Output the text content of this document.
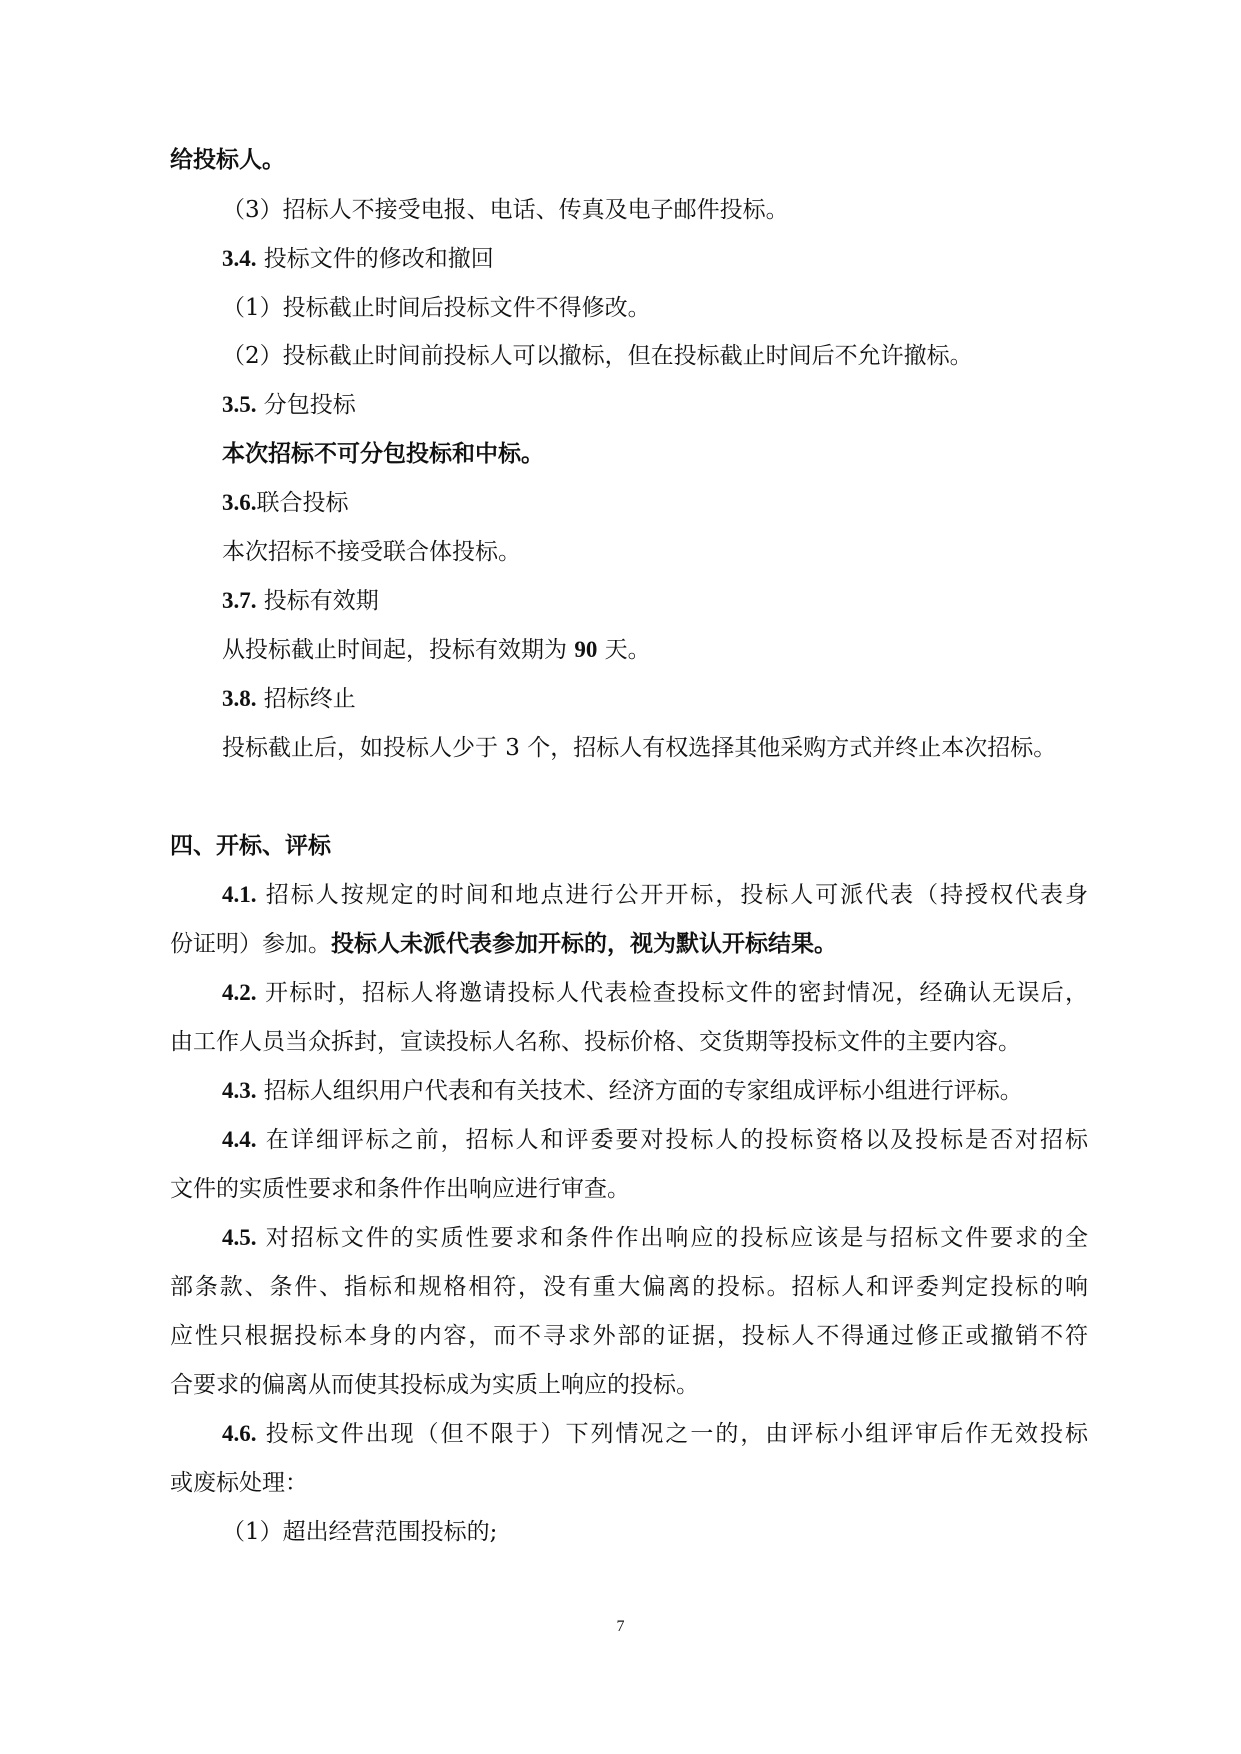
给投标人。
（3）招标人不接受电报、电话、传真及电子邮件投标。
3.4. 投标文件的修改和撤回
（1）投标截止时间后投标文件不得修改。
（2）投标截止时间前投标人可以撤标，但在投标截止时间后不允许撤标。
3.5. 分包投标
本次招标不可分包投标和中标。
3.6.联合投标
本次招标不接受联合体投标。
3.7. 投标有效期
从投标截止时间起，投标有效期为 90 天。
3.8. 招标终止
投标截止后，如投标人少于 3 个，招标人有权选择其他采购方式并终止本次招标。
四、开标、评标
4.1. 招标人按规定的时间和地点进行公开开标，投标人可派代表（持授权代表身
份证明）参加。投标人未派代表参加开标的，视为默认开标结果。
4.2. 开标时，招标人将邀请投标人代表检查投标文件的密封情况，经确认无误后，
由工作人员当众拆封，宣读投标人名称、投标价格、交货期等投标文件的主要内容。
4.3. 招标人组织用户代表和有关技术、经济方面的专家组成评标小组进行评标。
4.4. 在详细评标之前，招标人和评委要对投标人的投标资格以及投标是否对招标
文件的实质性要求和条件作出响应进行审查。
4.5. 对招标文件的实质性要求和条件作出响应的投标应该是与招标文件要求的全
部条款、条件、指标和规格相符，没有重大偏离的投标。招标人和评委判定投标的响
应性只根据投标本身的内容，而不寻求外部的证据，投标人不得通过修正或撤销不符
合要求的偏离从而使其投标成为实质上响应的投标。
4.6. 投标文件出现（但不限于）下列情况之一的，由评标小组评审后作无效投标
或废标处理：
（1）超出经营范围投标的;
7
